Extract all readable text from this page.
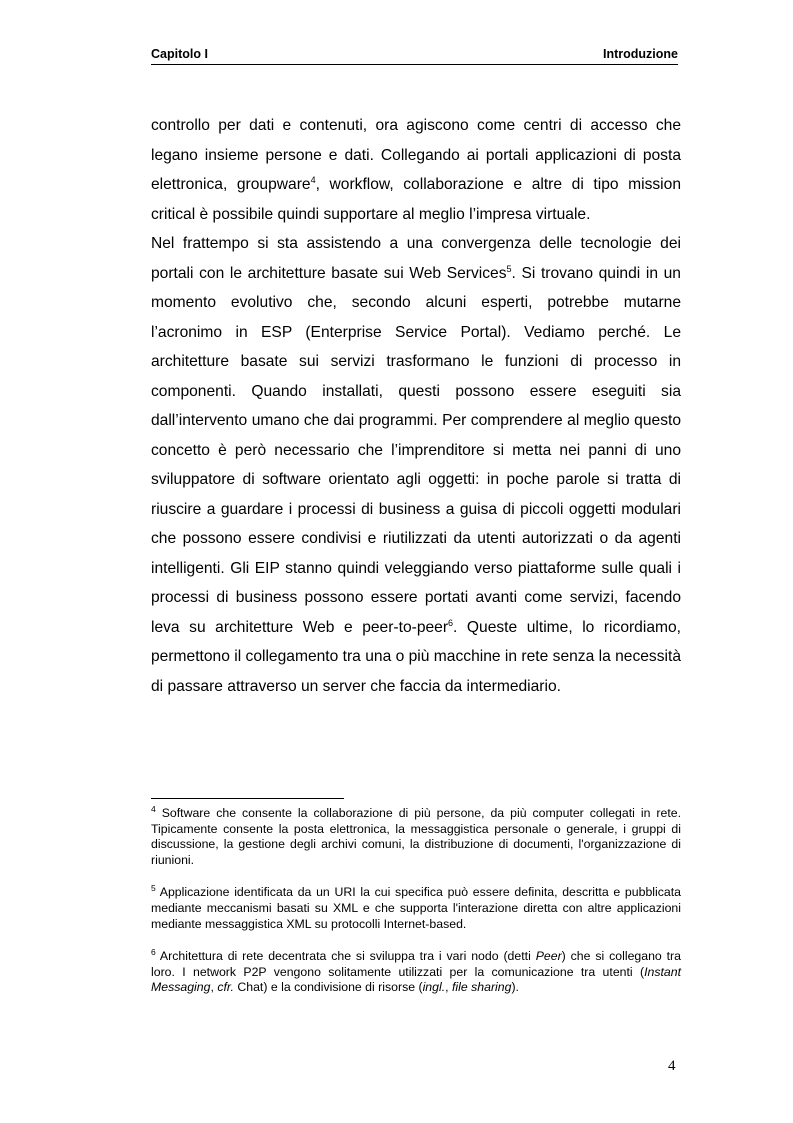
Capitolo I	Introduzione

controllo per dati e contenuti, ora agiscono come centri di accesso che legano insieme persone e dati. Collegando ai portali applicazioni di posta elettronica, groupware$^4$, workflow, collaborazione e altre di tipo mission critical è possibile quindi supportare al meglio l’impresa virtuale.

Nel frattempo si sta assistendo a una convergenza delle tecnologie dei portali con le architetture basate sui Web Services$^5$. Si trovano quindi in un momento evolutivo che, secondo alcuni esperti, potrebbe mutarne l’acronimo in ESP (Enterprise Service Portal). Vediamo perché. Le architetture basate sui servizi trasformano le funzioni di processo in componenti. Quando installati, questi possono essere eseguiti sia dall’intervento umano che dai programmi. Per comprendere al meglio questo concetto è però necessario che l’imprenditore si metta nei panni di uno sviluppatore di software orientato agli oggetti: in poche parole si tratta di riuscire a guardare i processi di business a guisa di piccoli oggetti modulari che possono essere condivisi e riutilizzati da utenti autorizzati o da agenti intelligenti. Gli EIP stanno quindi veleggiando verso piattaforme sulle quali i processi di business possono essere portati avanti come servizi, facendo leva su architetture Web e peer-to-peer$^6$. Queste ultime, lo ricordiamo, permettono il collegamento tra una o più macchine in rete senza la necessità di passare attraverso un server che faccia da intermediario.

$^4$ Software che consente la collaborazione di più persone, da più computer collegati in rete. Tipicamente consente la posta elettronica, la messaggistica personale o generale, i gruppi di discussione, la gestione degli archivi comuni, la distribuzione di documenti, l'organizzazione di riunioni.

$^5$ Applicazione identificata da un URI la cui specifica può essere definita, descritta e pubblicata mediante meccanismi basati su XML e che supporta l'interazione diretta con altre applicazioni mediante messaggistica XML su protocolli Internet-based.

$^6$ Architettura di rete decentrata che si sviluppa tra i vari nodo (detti Peer) che si collegano tra loro. I network P2P vengono solitamente utilizzati per la comunicazione tra utenti (Instant Messaging, cfr. Chat) e la condivisione di risorse (ingl., file sharing).

4
